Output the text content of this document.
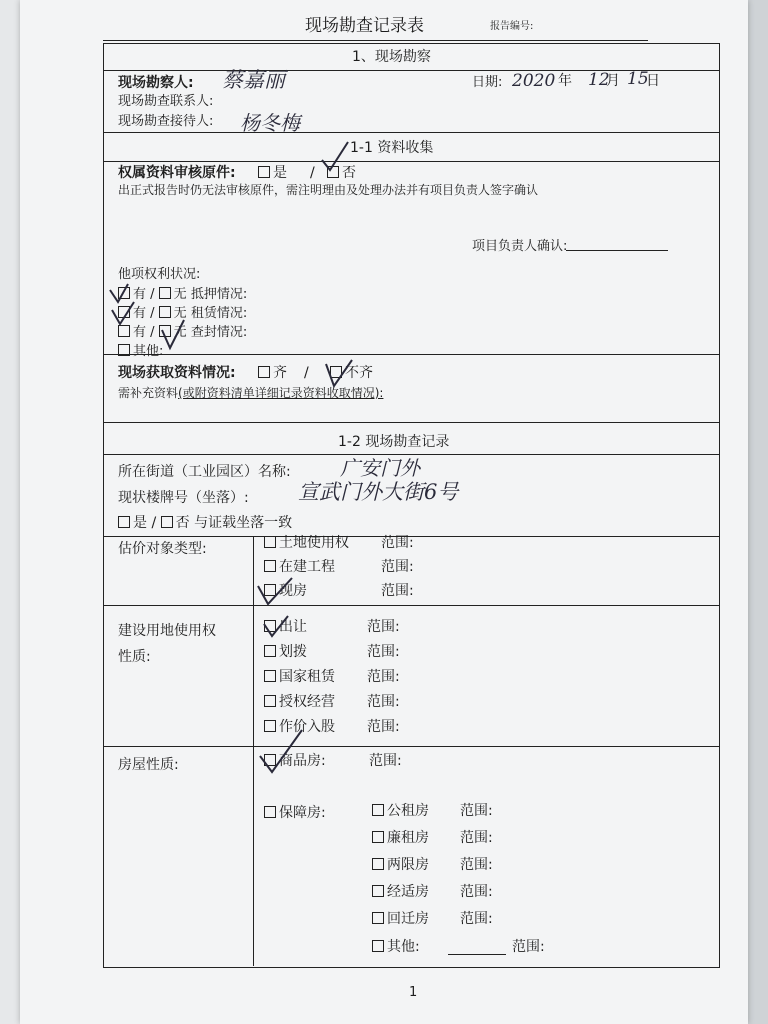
现场勘查记录表	报告编号:
1、现场勘察
现场勘察人: 蔡嘉丽
现场勘查联系人:
现场勘查接待人: 杨冬梅
日期: 2020 年 12
月 15
日
1-1 资料收集
权属资料审核原件:	是 /	否
出正式报告时仍无法审核原件，需注明理由及处理办法并有项目负责人签字确认
项目负责人确认:
他项权利状况:
有 / 无 抵押情况:
有 / 无 租赁情况:
有 / 无 查封情况:
其他:
现场获取资料情况:	齐 /	不齐
需补充资料(或附资料清单详细记录资料收取情况):
1-2 现场勘查记录
所在街道（工业园区）名称: 广安门外
现状楼牌号（坐落）: 宣武门外大街6号
是 / 否 与证载坐落一致
估价对象类型:	土地使用权 范围:
在建工程	范围:
现房	范围:
建设用地使用权
性质:
出让	范围:
划拨	范围:
国家租赁 范围:
授权经营 范围:
作价入股 范围:
房屋性质:	商品房:	范围:
保障房:	公租房 范围:
廉租房 范围:
两限房 范围:
经适房 范围:
回迁房 范围:
其他:	范围:
1
